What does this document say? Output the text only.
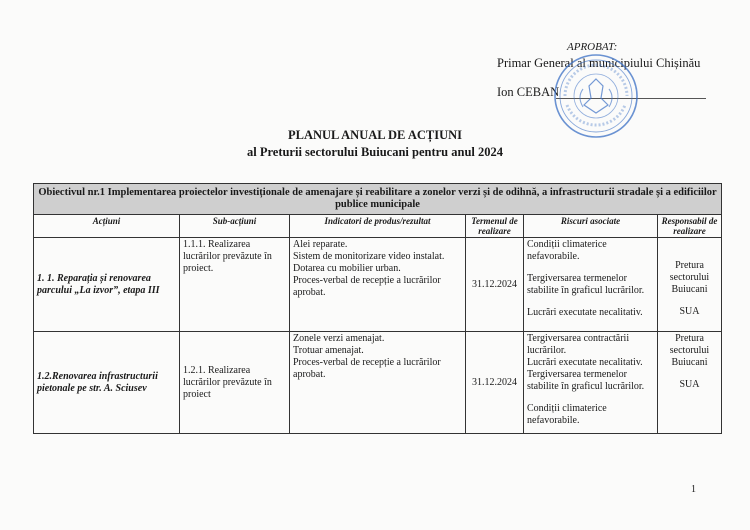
APROBAT:
Primar General al municipiului Chișinău
Ion CEBAN
PLANUL ANUAL DE ACȚIUNI
al Preturii sectorului Buiucani pentru anul 2024
Obiectivul nr.1 Implementarea proiectelor investiționale de amenajare și reabilitare a zonelor verzi și de odihnă, a infrastructurii stradale și a edificiilor publice municipale					
Acțiuni	Sub-acțiuni	Indicatori de produs/rezultat	Termenul de realizare	Riscuri asociate	Responsabil de realizare
1. 1. Reparația și renovarea parcului „La izvor”, etapa III	1.1.1. Realizarea lucrărilor prevăzute în proiect.	Alei reparate.
Sistem de monitorizare video instalat.
Dotarea cu mobilier urban.
Proces-verbal de recepție a lucrărilor aprobat.	31.12.2024	Condiții climaterice nefavorabile.
Tergiversarea termenelor stabilite în graficul lucrărilor.
Lucrări executate necalitativ.	Pretura sectorului Buiucani
SUA

1.2.Renovarea infrastructurii pietonale pe str. A. Sciusev	1.2.1. Realizarea lucrărilor prevăzute în proiect	Zonele verzi amenajat.
Trotuar amenajat.
Proces-verbal de recepție a lucrărilor aprobat.	31.12.2024	Tergiversarea contractării lucrărilor.
Lucrări executate necalitativ.
Tergiversarea termenelor stabilite în graficul lucrărilor.
Condiții climaterice nefavorabile.	Pretura sectorului Buiucani
SUA
1
